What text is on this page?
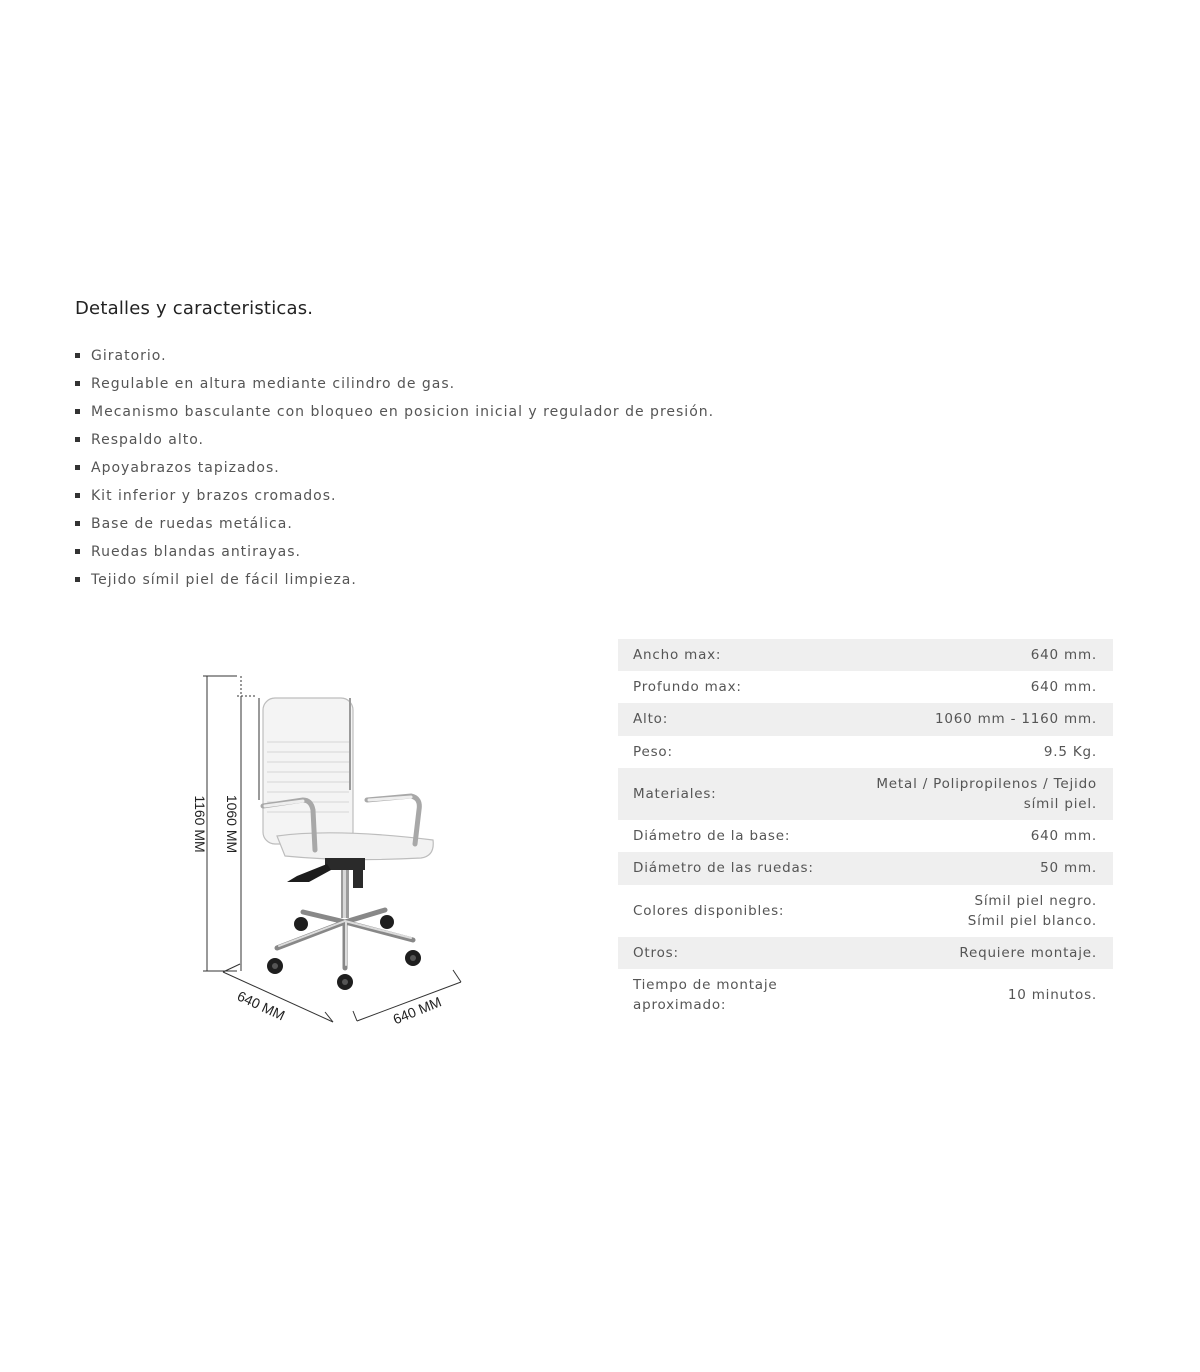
Detalles y caracteristicas.
Giratorio.
Regulable en altura mediante cilindro de gas.
Mecanismo basculante con bloqueo en posicion inicial y regulador de presión.
Respaldo alto.
Apoyabrazos tapizados.
Kit inferior y brazos cromados.
Base de ruedas metálica.
Ruedas blandas antirayas.
Tejido símil piel de fácil limpieza.
1160 MM 1060 MM
640 MM	640 MM
Ancho max:	640 mm.
Profundo max:	640 mm.
Alto:	1060 mm - 1160 mm.
Peso:	9.5 Kg.
Materiales:	Metal / Polipropilenos / Tejido
símil piel.
Diámetro de la base:	640 mm.
Diámetro de las ruedas:	50 mm.
Colores disponibles:	Símil piel negro.
Símil piel blanco.
Otros:	Requiere montaje.
Tiempo de montaje
aproximado:	10 minutos.
